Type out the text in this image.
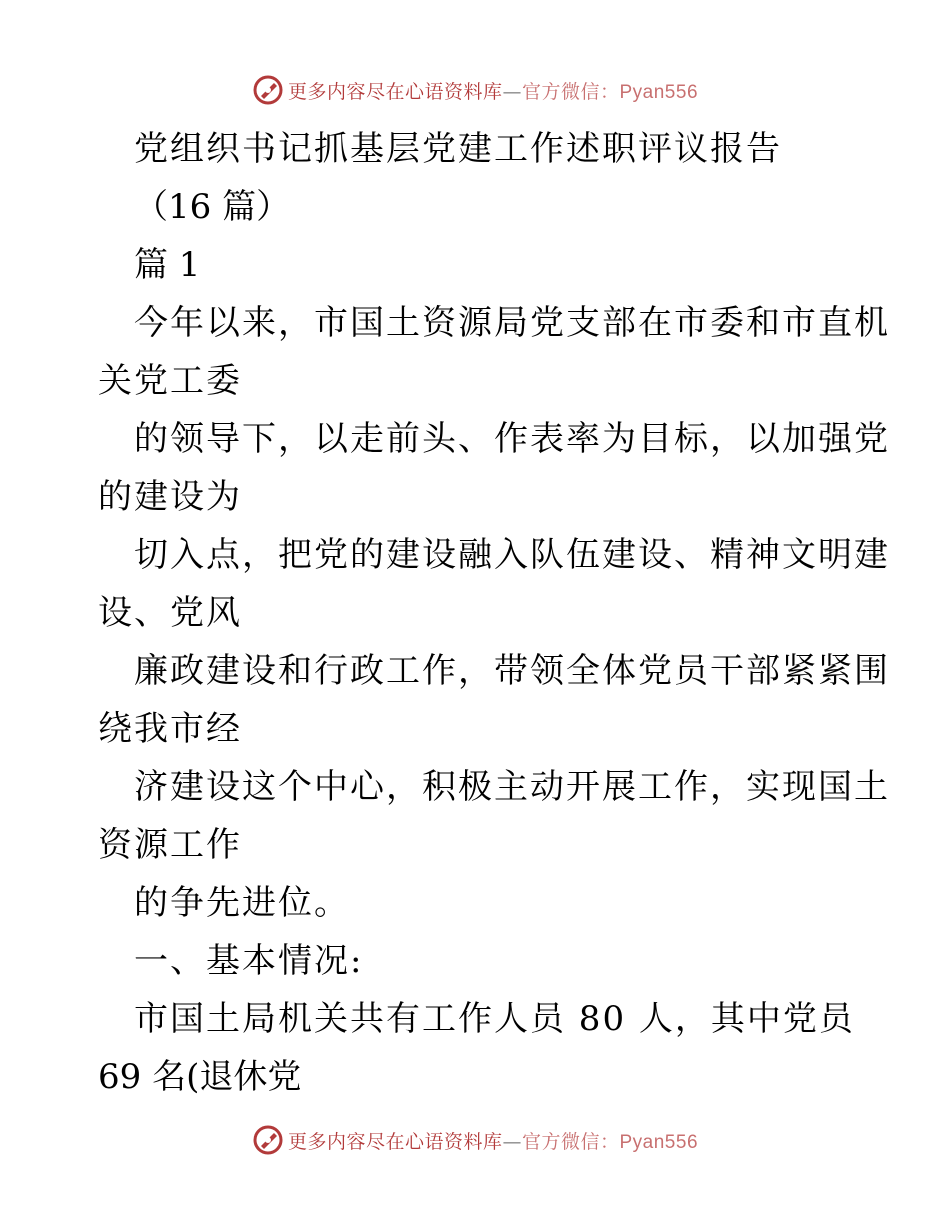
更多内容尽在心语资料库—官方微信：Pyan556
党组织书记抓基层党建工作述职评议报告
（16 篇）
篇 1
今年以来，市国土资源局党支部在市委和市直机
关党工委
的领导下，以走前头、作表率为目标，以加强党
的建设为
切入点，把党的建设融入队伍建设、精神文明建
设、党风
廉政建设和行政工作，带领全体党员干部紧紧围
绕我市经
济建设这个中心，积极主动开展工作，实现国土
资源工作
的争先进位。
一、基本情况:
市国土局机关共有工作人员 80 人，其中党员
69 名(退休党
更多内容尽在心语资料库—官方微信：Pyan556
